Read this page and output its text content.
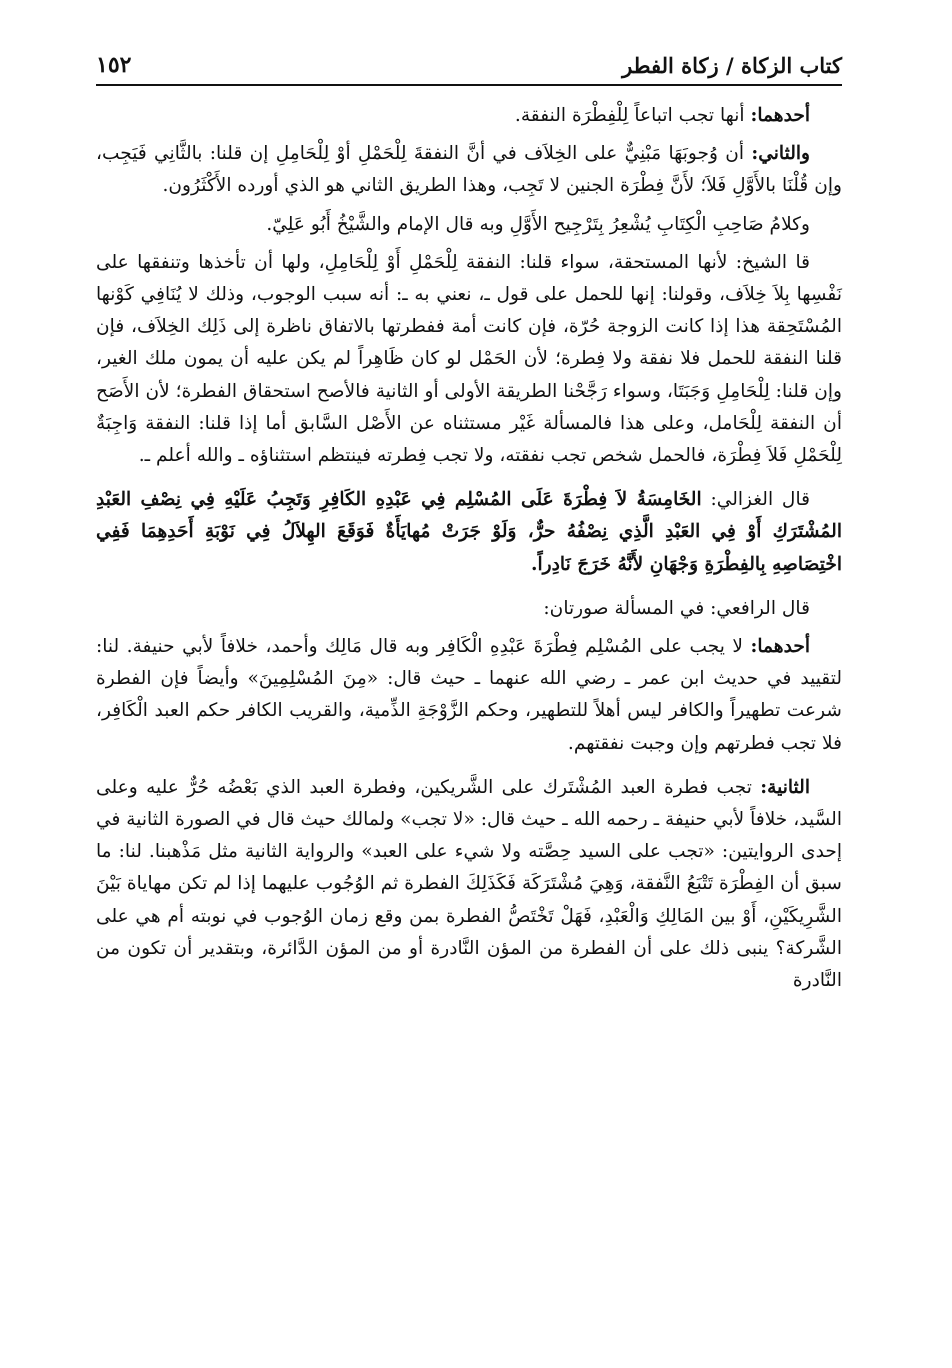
كتاب الزكاة / زكاة الفطر
١٥٢

أحدهما: أنها تجب اتباعاً لِلْفِطْرَة النفقة.

والثاني: أن وُجوبَهَا مَبْنِيٌّ على الخِلاَف في أنَّ النفقةَ لِلْحَمْلِ أوْ لِلْحَامِلِ إن قلنا: بالثَّانِي فَيَجِب، وإن قُلْنَا بالأَوَّلِ فَلاَ؛ لأَنَّ فِطْرَة الجنين لا تَجِب، وهذا الطريق الثاني هو الذي أورده الأَكْثَرُون.

وكلامُ صَاحِبِ الْكِتَابِ يُشْعِرُ بِتَرْجِيح الأَوَّلِ وبه قال الإمام والشَّيْخُ أَبُو عَلِيّ.

قا الشيخ: لأنها المستحقة، سواء قلنا: النفقة لِلْحَمْلِ أَوْ لِلْحَامِلِ، ولها أن تأخذها وتنفقها على نَفْسِها بِلاَ خِلاَف، وقولنا: إنها للحمل على قول ـ، نعني به ـ: أنه سبب الوجوب، وذلك لا يُنَافِي كَوْنها المُسْتَحِقة هذا إذا كانت الزوجة حُرّة، فإن كانت أمة ففطرتها بالاتفاق ناظرة إلى ذَلِك الخِلاَف، فإن قلنا النفقة للحمل فلا نفقة ولا فِطرة؛ لأن الحَمْل لو كان ظَاهِراً لم يكن عليه أن يمون ملك الغير، وإن قلنا: لِلْحَامِلِ وَجَبَتَا، وسواء رَجَّحْنا الطريقة الأولى أو الثانية فالأصح استحقاق الفطرة؛ لأن الأَصَح أن النفقة لِلْحَامل، وعلى هذا فالمسألة غَيْر مستثناه عن الأَصْل السَّابق أما إذا قلنا: النفقة وَاجِبَةٌ لِلْحَمْلِ فَلاَ فِطْرَة، فالحمل شخص تجب نفقته، ولا تجب فِطرته فينتظم استثناؤه ـ والله أعلم ـ.

قال الغزالي: الخَامِسَةُ لاَ فِطْرَةَ عَلَى المُسْلِم فِي عَبْدِهِ الكَافِرِ وَتَجِبُ عَلَيْهِ فِي نِصْفِ العَبْدِ المُشْتَرَكِ أَوْ فِي العَبْدِ الَّذِي نِصْفُهُ حرٌّ، وَلَوْ جَرَتْ مُهايَأَةٌ فَوَقَعَ الهِلاَلُ فِي نَوْبَةِ أَحَدِهِمَا فَفِي اخْتِصَاصِهِ بِالفِطْرَةِ وَجْهَانِ لأَنَّهُ خَرَجَ نَادِراً.

قال الرافعي: في المسألة صورتان:

أحدهما: لا يجب على المُسْلِم فِطْرَةَ عَبْدِهِ الْكَافِر وبه قال مَالِك وأحمد، خلافاً لأبي حنيفة. لنا: لتقييد في حديث ابن عمر ـ رضي الله عنهما ـ حيث قال: «مِنَ المُسْلِمِينَ» وأيضاً فإن الفطرة شرعت تطهيراً والكافر ليس أهلاً للتطهير، وحكم الزَّوْجَةِ الذِّمية، والقريب الكافر حكم العبد الْكَافِر، فلا تجب فطرتهم وإن وجبت نفقتهم.

الثانية: تجب فطرة العبد المُشْتَرك على الشَّريكين، وفطرة العبد الذي بَعْضُه حُرٌّ عليه وعلى السَّيد، خلافاً لأبي حنيفة ـ رحمه الله ـ حيث قال: «لا تجب» ولمالك حيث قال في الصورة الثانية في إحدى الروايتين: «تجب على السيد حِصَّته ولا شيء على العبد» والرواية الثانية مثل مَذْهبنا. لنا: ما سبق أن الفِطْرَة تَتْبَعُ النَّفقة، وَهِيَ مُشْتَرَكَة فَكَذَلِكَ الفطرة ثم الوُجُوب عليهما إذا لم تكن مهاياة بَيْنَ الشَّرِيكَيْنِ، أَوْ بين المَالِكِ وَالْعَبْدِ، فَهَلْ تَخْتَصُّ الفطرة بمن وقع زمان الوُجوب في نوبته أم هي على الشَّركة؟ ينبى ذلك على أن الفطرة من المؤن النَّادرة أو من المؤن الدَّائرة، وبتقدير أن تكون من النَّادرة
